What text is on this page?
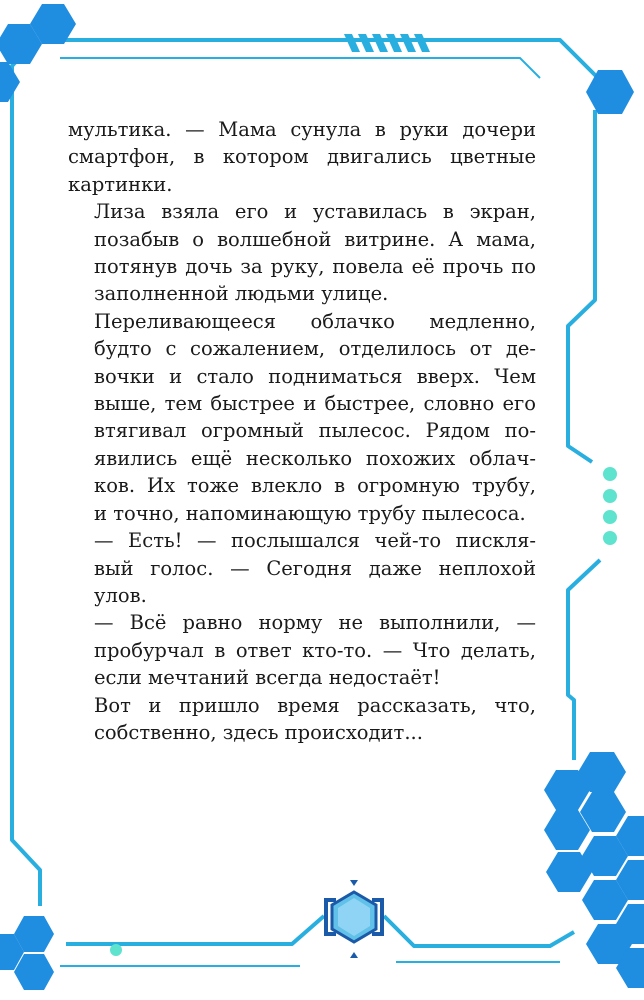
мультика. — Мама сунула в руки дочери
смартфон, в котором двигались цветные
картинки.

Лиза взяла его и уставилась в экран,
позабыв о волшебной витрине. А мама,
потянув дочь за руку, повела её прочь по
заполненной людьми улице.

Переливающееся облачко медленно,
будто с сожалением, отделилось от де-
вочки и стало подниматься вверх. Чем
выше, тем быстрее и быстрее, словно его
втягивал огромный пылесос. Рядом по-
явились ещё несколько похожих облач-
ков. Их тоже влекло в огромную трубу,
и точно, напоминающую трубу пылесоса.

— Есть! — послышался чей-то пискля-
вый голос. — Сегодня даже неплохой
улов.

— Всё равно норму не выполнили, —
пробурчал в ответ кто-то. — Что делать,
если мечтаний всегда недостаёт!

Вот и пришло время рассказать, что,
собственно, здесь происходит...
